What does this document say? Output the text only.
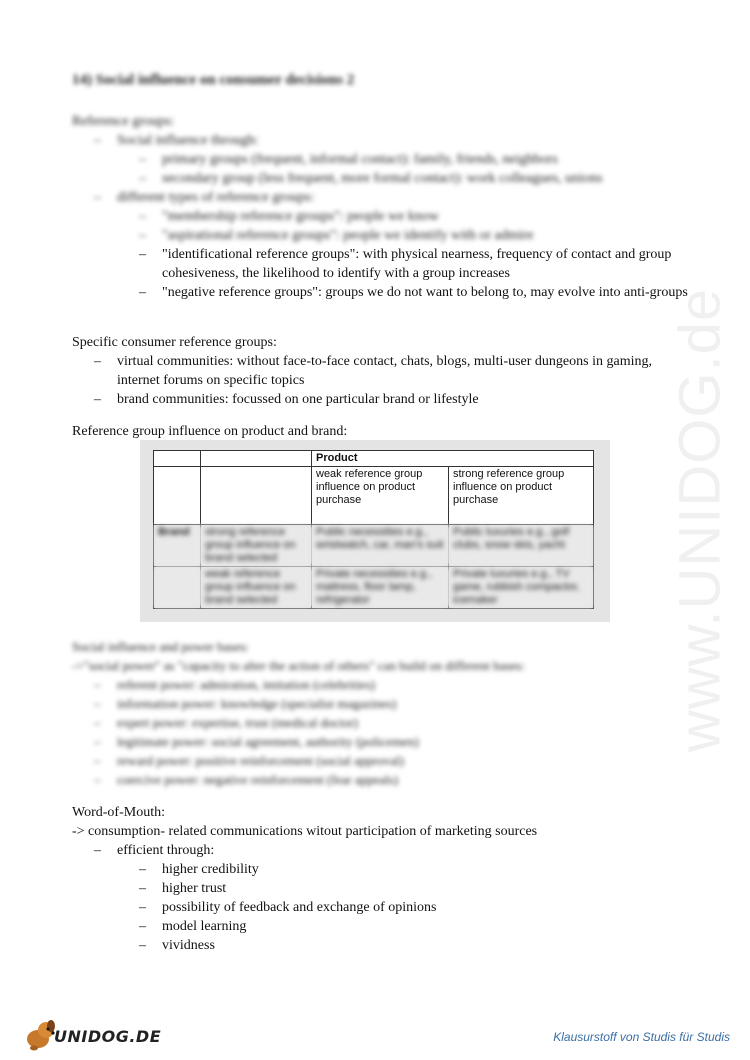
www.UNIDOG.de
14) Social influence on consumer decisions 2
Reference groups:
– Social influence through:
– primary groups (frequent, informal contact): family, friends, neighbors
– secondary group (less frequent, more formal contact): work colleagues, unions
– different types of reference groups:
– "membership reference groups": people we know
– "aspirational reference groups": people we identify with or admire
– "identificational reference groups": with physical nearness, frequency of contact and group cohesiveness, the likelihood to identify with a group increases
– "negative reference groups": groups we do not want to belong to, may evolve into anti-groups
Specific consumer reference groups:
– virtual communities: without face-to-face contact, chats, blogs, multi-user dungeons in gaming, internet forums on specific topics
– brand communities: focussed on one particular brand or lifestyle
Reference group influence on product and brand:
		Product	
		weak reference group influence on product purchase	strong reference group influence on product purchase
Brand	strong reference group influence on brand selected	Public necessities e.g., wristwatch, car, man's suit	Public luxuries e.g., golf clubs, snow skis, yacht
	weak reference group influence on brand selected	Private necessities e.g., mattress, floor lamp, refrigerator	Private luxuries e.g., TV game, rubbish compactor, icemaker
Social influence and power bases:
->"social power" as "capacity to alter the action of others" can build on different bases:
– referent power: admiration, imitation (celebrities)
– information power: knowledge (specialist magazines)
– expert power: expertise, trust (medical doctor)
– legitimate power: social agreement, authority (policemen)
– reward power: positive reinforcement (social approval)
– coercive power: negative reinforcement (fear appeals)
Word-of-Mouth:
-> consumption- related communications witout participation of marketing sources
– efficient through:
– higher credibility
– higher trust
– possibility of feedback and exchange of opinions
– model learning
– vividness
UNIDOG.DE	Klausurstoff von Studis für Studis
